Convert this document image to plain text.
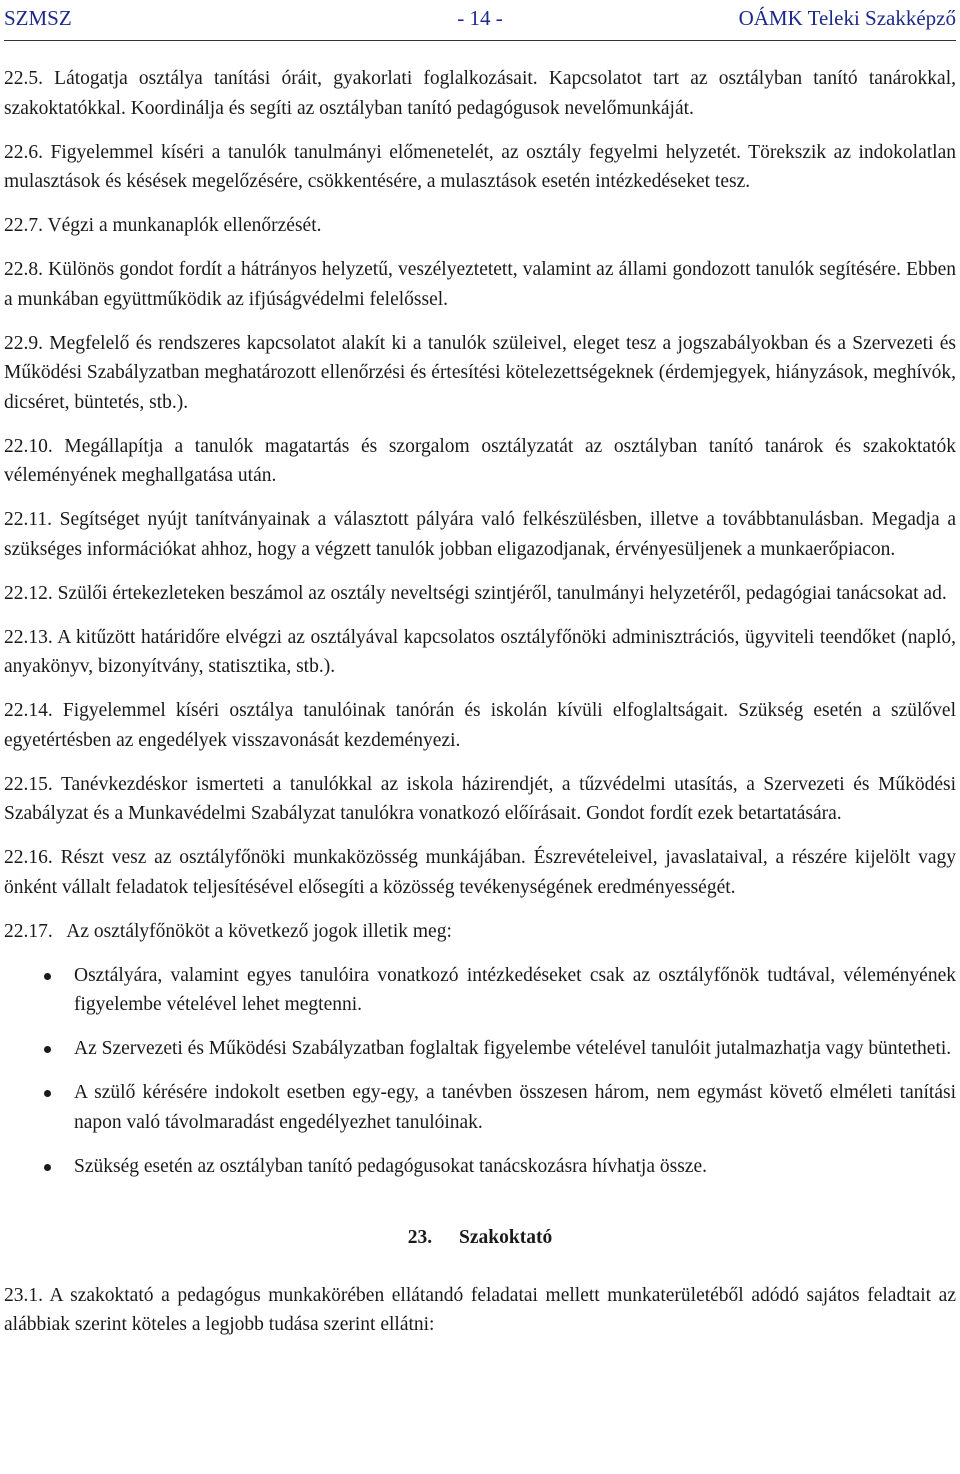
SZMSZ	- 14 -	OÁMK Teleki Szakképző

22.5. Látogatja osztálya tanítási óráit, gyakorlati foglalkozásait. Kapcsolatot tart az osztályban tanító tanárokkal, szakoktatókkal. Koordinálja és segíti az osztályban tanító pedagógusok nevelőmunkáját.

22.6. Figyelemmel kíséri a tanulók tanulmányi előmenetelét, az osztály fegyelmi helyzetét. Törekszik az indokolatlan mulasztások és késések megelőzésére, csökkentésére, a mulasztások esetén intézkedéseket tesz.

22.7. Végzi a munkanaplók ellenőrzését.

22.8. Különös gondot fordít a hátrányos helyzetű, veszélyeztetett, valamint az állami gondozott tanulók segítésére. Ebben a munkában együttműködik az ifjúságvédelmi felelőssel.

22.9. Megfelelő és rendszeres kapcsolatot alakít ki a tanulók szüleivel, eleget tesz a jogszabályokban és a Szervezeti és Működési Szabályzatban meghatározott ellenőrzési és értesítési kötelezettségeknek (érdemjegyek, hiányzások, meghívók, dicséret, büntetés, stb.).

22.10. Megállapítja a tanulók magatartás és szorgalom osztályzatát az osztályban tanító tanárok és szakoktatók véleményének meghallgatása után.

22.11. Segítséget nyújt tanítványainak a választott pályára való felkészülésben, illetve a továbbtanulásban. Megadja a szükséges információkat ahhoz, hogy a végzett tanulók jobban eligazodjanak, érvényesüljenek a munkaerőpiacon.

22.12. Szülői értekezleteken beszámol az osztály neveltségi szintjéről, tanulmányi helyzetéről, pedagógiai tanácsokat ad.

22.13. A kitűzött határidőre elvégzi az osztályával kapcsolatos osztályfőnöki adminisztrációs, ügyviteli teendőket (napló, anyakönyv, bizonyítvány, statisztika, stb.).

22.14. Figyelemmel kíséri osztálya tanulóinak tanórán és iskolán kívüli elfoglaltságait. Szükség esetén a szülővel egyetértésben az engedélyek visszavonását kezdeményezi.

22.15. Tanévkezdéskor ismerteti a tanulókkal az iskola házirendjét, a tűzvédelmi utasítás, a Szervezeti és Működési Szabályzat és a Munkavédelmi Szabályzat tanulókra vonatkozó előírásait. Gondot fordít ezek betartatására.

22.16. Részt vesz az osztályfőnöki munkaközösség munkájában. Észrevételeivel, javaslataival, a részére kijelölt vagy önként vállalt feladatok teljesítésével elősegíti a közösség tevékenységének eredményességét.

22.17.   Az osztályfőnököt a következő jogok illetik meg:

Osztályára, valamint egyes tanulóira vonatkozó intézkedéseket csak az osztályfőnök tudtával, véleményének figyelembe vételével lehet megtenni.
Az Szervezeti és Működési Szabályzatban foglaltak figyelembe vételével tanulóit jutalmazhatja vagy büntetheti.
A szülő kérésére indokolt esetben egy-egy, a tanévben összesen három, nem egymást követő elméleti tanítási napon való távolmaradást engedélyezhet tanulóinak.
Szükség esetén az osztályban tanító pedagógusokat tanácskozásra hívhatja össze.
23. Szakoktató

23.1. A szakoktató a pedagógus munkakörében ellátandó feladatai mellett munkaterületéből adódó sajátos feladtait az alábbiak szerint köteles a legjobb tudása szerint ellátni:
